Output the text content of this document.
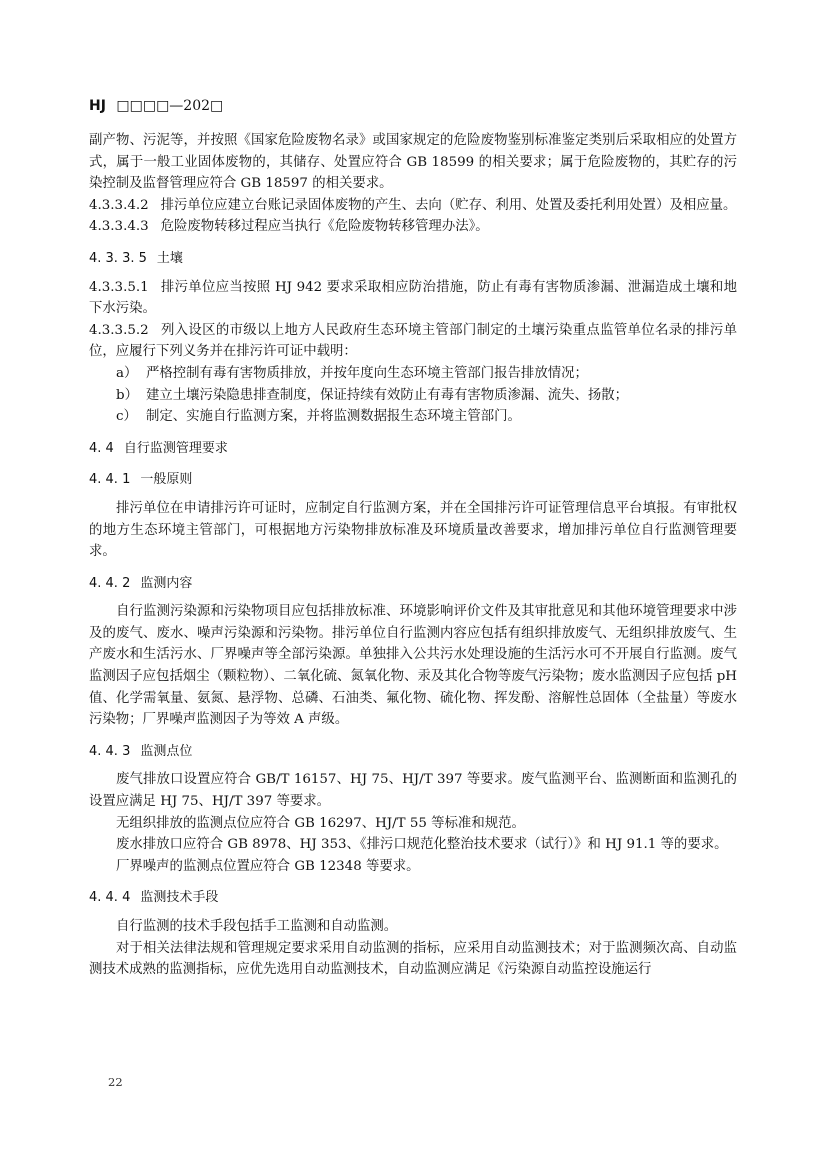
HJ □□□□—202□

副产物、污泥等，并按照《国家危险废物名录》或国家规定的危险废物鉴别标准鉴定类别后采取相应的处置方式，属于一般工业固体废物的，其储存、处置应符合 GB 18599 的相关要求；属于危险废物的，其贮存的污染控制及监督管理应符合 GB 18597 的相关要求。

4.3.3.4.2 排污单位应建立台账记录固体废物的产生、去向（贮存、利用、处置及委托利用处置）及相应量。

4.3.3.4.3 危险废物转移过程应当执行《危险废物转移管理办法》。

4. 3. 3. 5 土壤

4.3.3.5.1 排污单位应当按照 HJ 942 要求采取相应防治措施，防止有毒有害物质渗漏、泄漏造成土壤和地下水污染。

4.3.3.5.2 列入设区的市级以上地方人民政府生态环境主管部门制定的土壤污染重点监管单位名录的排污单位，应履行下列义务并在排污许可证中载明：

a） 严格控制有毒有害物质排放，并按年度向生态环境主管部门报告排放情况；

b） 建立土壤污染隐患排查制度，保证持续有效防止有毒有害物质渗漏、流失、扬散；

c） 制定、实施自行监测方案，并将监测数据报生态环境主管部门。

4. 4 自行监测管理要求
4. 4. 1 一般原则

排污单位在申请排污许可证时，应制定自行监测方案，并在全国排污许可证管理信息平台填报。有审批权的地方生态环境主管部门，可根据地方污染物排放标准及环境质量改善要求，增加排污单位自行监测管理要求。

4. 4. 2 监测内容

自行监测污染源和污染物项目应包括排放标准、环境影响评价文件及其审批意见和其他环境管理要求中涉及的废气、废水、噪声污染源和污染物。排污单位自行监测内容应包括有组织排放废气、无组织排放废气、生产废水和生活污水、厂界噪声等全部污染源。单独排入公共污水处理设施的生活污水可不开展自行监测。废气监测因子应包括烟尘（颗粒物）、二氧化硫、氮氧化物、汞及其化合物等废气污染物；废水监测因子应包括 pH 值、化学需氧量、氨氮、悬浮物、总磷、石油类、氟化物、硫化物、挥发酚、溶解性总固体（全盐量）等废水污染物；厂界噪声监测因子为等效 A 声级。

4. 4. 3 监测点位

废气排放口设置应符合 GB/T 16157、HJ 75、HJ/T 397 等要求。废气监测平台、监测断面和监测孔的设置应满足 HJ 75、HJ/T 397 等要求。

无组织排放的监测点位应符合 GB 16297、HJ/T 55 等标准和规范。

废水排放口应符合 GB 8978、HJ 353、《排污口规范化整治技术要求（试行）》和 HJ 91.1 等的要求。

厂界噪声的监测点位置应符合 GB 12348 等要求。

4. 4. 4 监测技术手段

自行监测的技术手段包括手工监测和自动监测。

对于相关法律法规和管理规定要求采用自动监测的指标，应采用自动监测技术；对于监测频次高、自动监测技术成熟的监测指标，应优先选用自动监测技术，自动监测应满足《污染源自动监控设施运行

22
